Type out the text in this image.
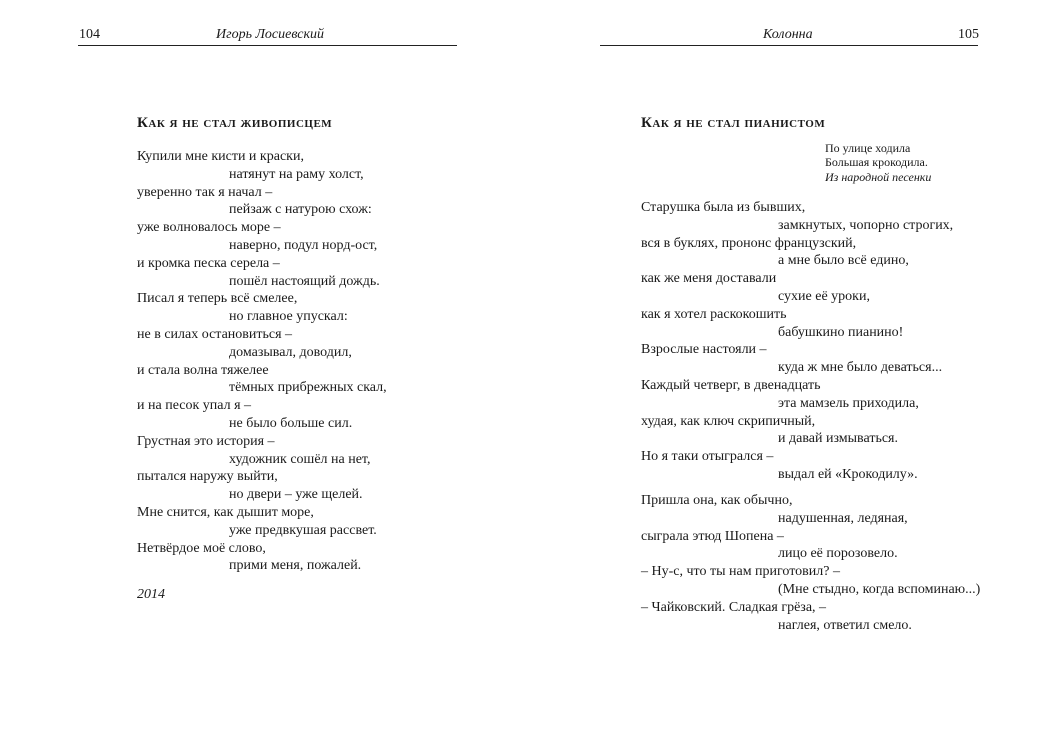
104	Игорь Лосиевский
Как я не стал живописцем
Купили мне кисти и краски,
натянут на раму холст,
уверенно так я начал –
пейзаж с натурою схож:
уже волновалось море –
наверно, подул норд-ост,
и кромка песка серела –
пошёл настоящий дождь.
Писал я теперь всё смелее,
но главное упускал:
не в силах остановиться –
домазывал, доводил,
и стала волна тяжелее
тёмных прибрежных скал,
и на песок упал я –
не было больше сил.
Грустная это история –
художник сошёл на нет,
пытался наружу выйти,
но двери – уже щелей.
Мне снится, как дышит море,
уже предвкушая рассвет.
Нетвёрдое моё слово,
прими меня, пожалей.
2014
Колонна	105
Как я не стал пианистом
По улице ходила
Большая крокодила.
Из народной песенки
Старушка была из бывших,
замкнутых, чопорно строгих,
вся в буклях, прононс французский,
а мне было всё едино,
как же меня доставали
сухие её уроки,
как я хотел раскокошить
бабушкино пианино!
Взрослые настояли –
куда ж мне было деваться...
Каждый четверг, в двенадцать
эта мамзель приходила,
худая, как ключ скрипичный,
и давай измываться.
Но я таки отыгрался –
выдал ей «Крокодилу».
Пришла она, как обычно,
надушенная, ледяная,
сыграла этюд Шопена –
лицо её порозовело.
– Ну-с, что ты нам приготовил? –
(Мне стыдно, когда вспоминаю...)
– Чайковский. Сладкая грёза, –
наглея, ответил смело.
